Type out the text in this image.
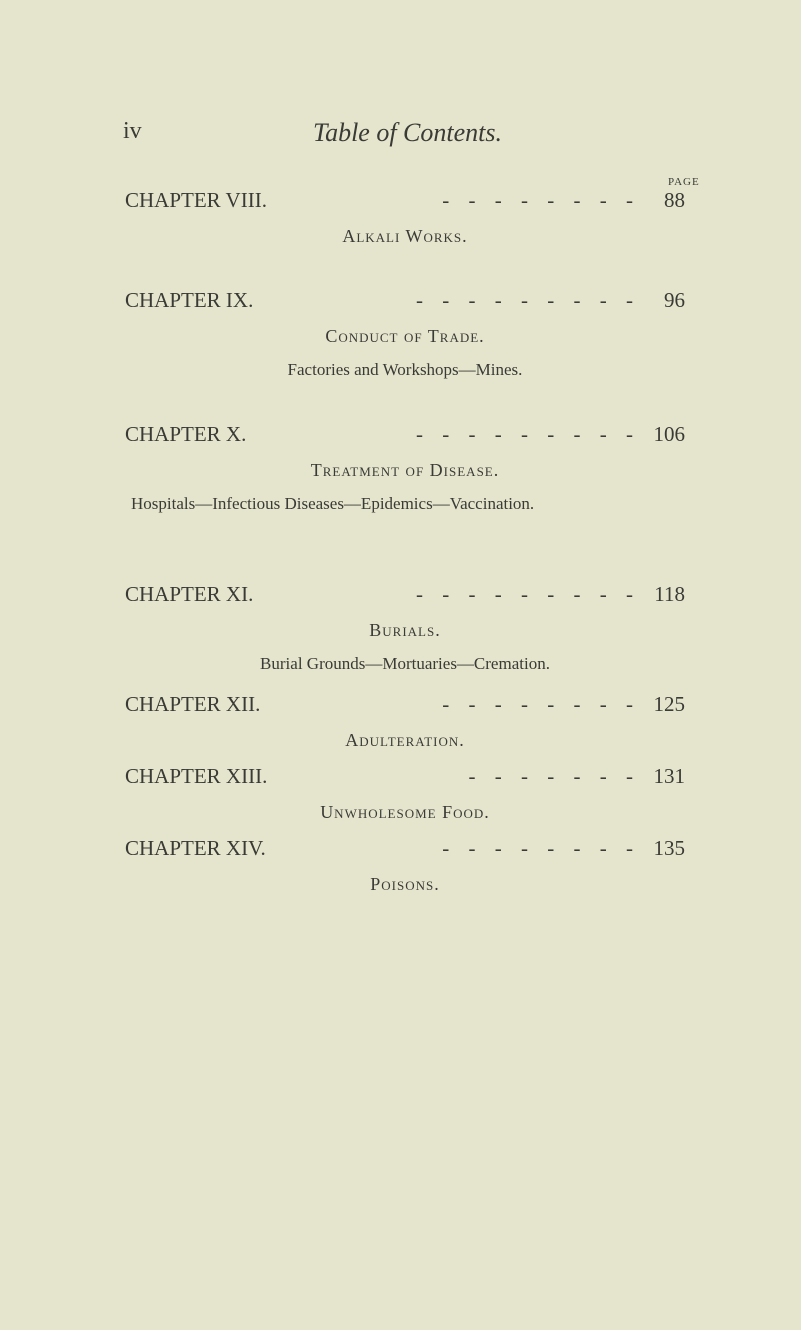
iv	Table of Contents.
PAGE
CHAPTER VIII.	- - - - - - - -	88
Alkali Works.
CHAPTER IX.	- - - - - - - - -	96
Conduct of Trade.
Factories and Workshops—Mines.
CHAPTER X.	- - - - - - - - - 106
Treatment of Disease.
Hospitals—Infectious Diseases—Epidemics—Vaccination.
CHAPTER XI.	- - - - - - - - - 118
Burials.
Burial Grounds—Mortuaries—Cremation.
CHAPTER XII.	- - - - - - - - 125
Adulteration.
CHAPTER XIII.	- - - - - - - 131
Unwholesome Food.
CHAPTER XIV.	- - - - - - - - 135
Poisons.
